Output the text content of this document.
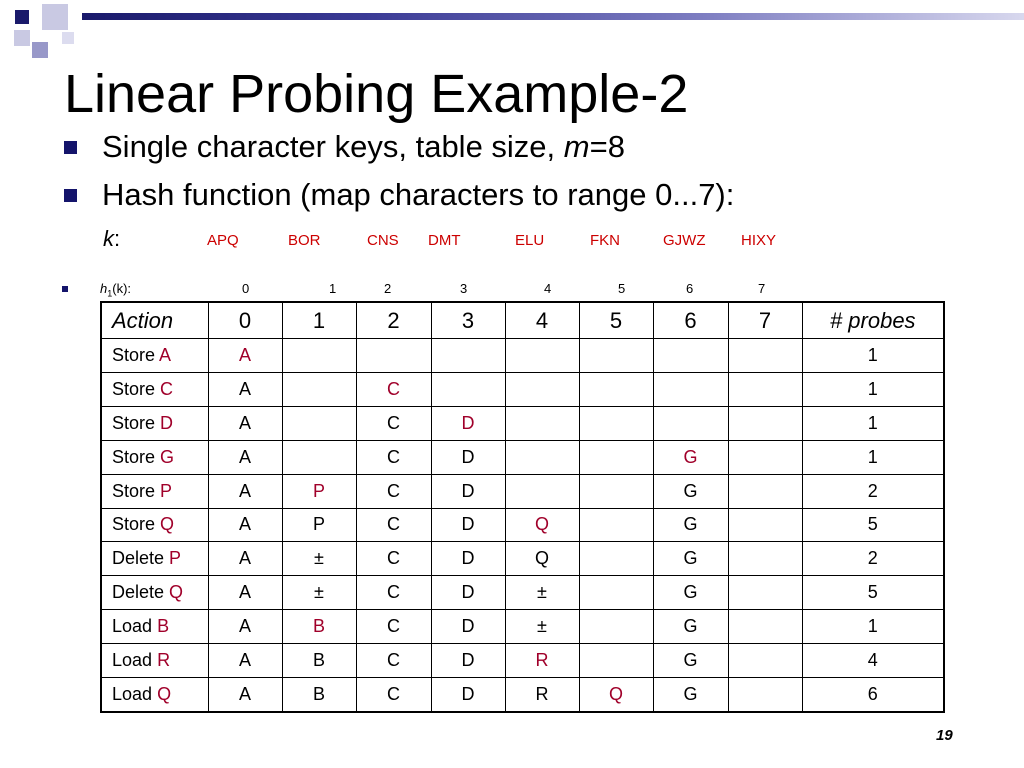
Linear Probing Example-2
Single character keys, table size, m=8
Hash function (map characters to range 0...7):
k:	APQ	BOR	CNS DMT	ELU	FKN	GJWZ HIXY
$h_1(k)$:	0	1	2	3	4	5	6	7
Action	0	1	2	3	4	5	6	7	# probes
Store A	A								1
Store C	A		C						1
Store D	A		C	D					1
Store G	A		C	D			G		1
Store P	A	P	C	D			G		2
Store Q	A	P	C	D	Q		G		5
Delete P	A	±	C	D	Q		G		2
Delete Q	A	±	C	D	±		G		5
Load B	A	B	C	D	±		G		1
Load R	A	B	C	D	R		G		4
Load Q	A	B	C	D	R	Q	G		6
19
